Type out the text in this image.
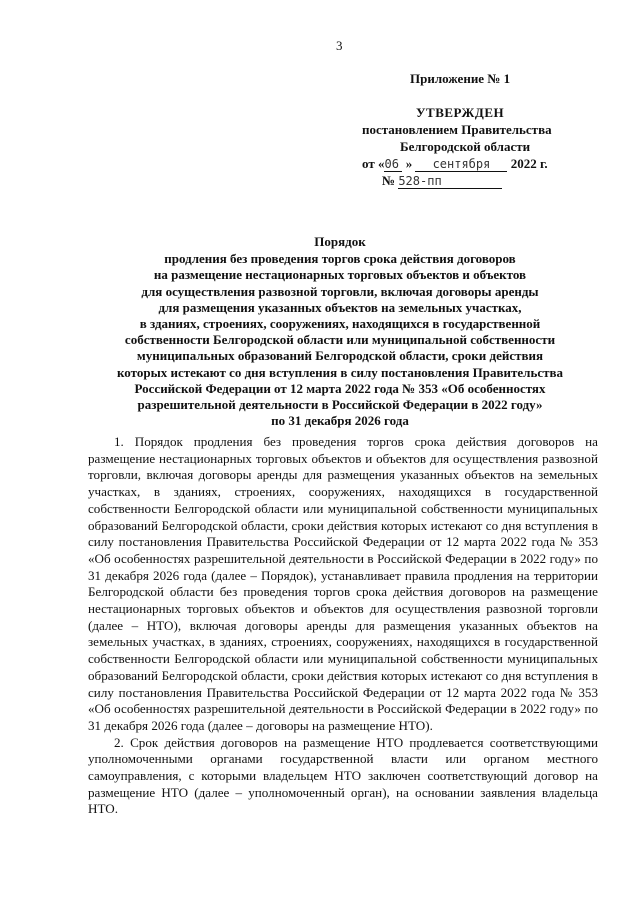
3
Приложение № 1
УТВЕРЖДЕН
постановлением Правительства
Белгородской области
от «06 » сентября 2022 г.
№ 528-пп
Порядок
продления без проведения торгов срока действия договоров
на размещение нестационарных торговых объектов и объектов
для осуществления развозной торговли, включая договоры аренды
для размещения указанных объектов на земельных участках,
в зданиях, строениях, сооружениях, находящихся в государственной
собственности Белгородской области или муниципальной собственности
муниципальных образований Белгородской области, сроки действия
которых истекают со дня вступления в силу постановления Правительства
Российской Федерации от 12 марта 2022 года № 353 «Об особенностях
разрешительной деятельности в Российской Федерации в 2022 году»
по 31 декабря 2026 года

1. Порядок продления без проведения торгов срока действия договоров на размещение нестационарных торговых объектов и объектов для осуществления развозной торговли, включая договоры аренды для размещения указанных объектов на земельных участках, в зданиях, строениях, сооружениях, находящихся в государственной собственности Белгородской области или муниципальной собственности муниципальных образований Белгородской области, сроки действия которых истекают со дня вступления в силу постановления Правительства Российской Федерации от 12 марта 2022 года № 353 «Об особенностях разрешительной деятельности в Российской Федерации в 2022 году» по 31 декабря 2026 года (далее – Порядок), устанавливает правила продления на территории Белгородской области без проведения торгов срока действия договоров на размещение нестационарных торговых объектов и объектов для осуществления развозной торговли (далее – НТО), включая договоры аренды для размещения указанных объектов на земельных участках, в зданиях, строениях, сооружениях, находящихся в государственной собственности Белгородской области или муниципальной собственности муниципальных образований Белгородской области, сроки действия которых истекают со дня вступления в силу постановления Правительства Российской Федерации от 12 марта 2022 года № 353 «Об особенностях разрешительной деятельности в Российской Федерации в 2022 году» по 31 декабря 2026 года (далее – договоры на размещение НТО).

2. Срок действия договоров на размещение НТО продлевается соответствующими уполномоченными органами государственной власти или органом местного самоуправления, с которыми владельцем НТО заключен соответствующий договор на размещение НТО (далее – уполномоченный орган), на основании заявления владельца НТО.
